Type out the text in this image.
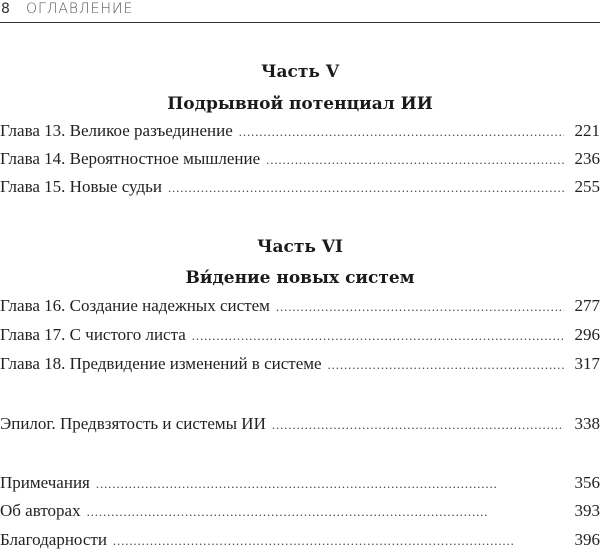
8 ОГЛАВЛЕНИЕ
Часть V
Подрывной потенциал ИИ
Глава 13. Великое разъединение . . .	221
Глава 14. Вероятностное мышление . . .	236
Глава 15. Новые судьи . . .	255
Часть VI
Ви́дение новых систем
Глава 16. Создание надежных систем . . .	277
Глава 17. С чистого листа . . .	296
Глава 18. Предвидение изменений в системе . . .	317
Эпилог. Предвзятость и системы ИИ . . .	338
Примечания . . .	356
Об авторах . . .	393
Благодарности . . .	396
